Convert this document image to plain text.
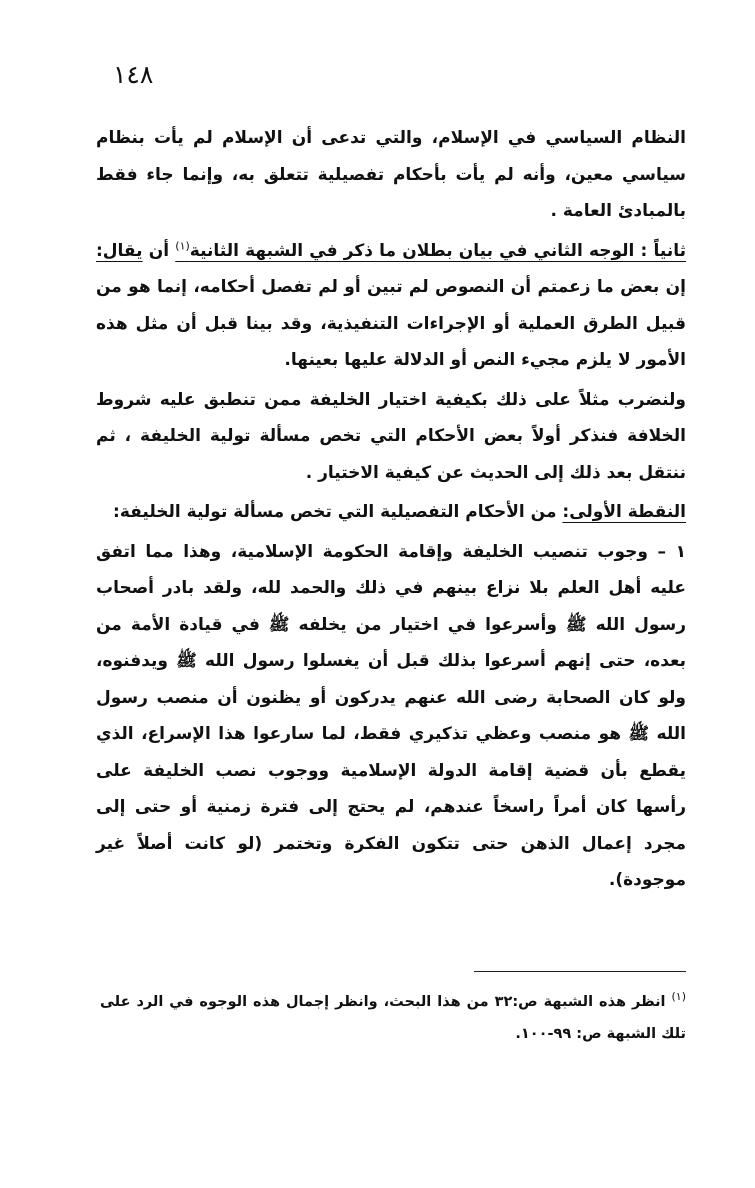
١٤٨

النظام السياسي في الإسلام، والتي تدعى أن الإسلام لم يأت بنظام سياسي معين، وأنه لم يأت بأحكام تفصيلية تتعلق به، وإنما جاء فقط بالمبادئ العامة .

ثانياً : الوجه الثاني في بيان بطلان ما ذكر في الشبهة الثانية$^{(١)}$ أن يقال: إن بعض ما زعمتم أن النصوص لم تبين أو لم تفصل أحكامه، إنما هو من قبيل الطرق العملية أو الإجراءات التنفيذية، وقد بينا قبل أن مثل هذه الأمور لا يلزم مجيء النص أو الدلالة عليها بعينها.

ولنضرب مثلاً على ذلك بكيفية اختيار الخليفة ممن تنطبق عليه شروط الخلافة فنذكر أولاً بعض الأحكام التي تخص مسألة تولية الخليفة ، ثم ننتقل بعد ذلك إلى الحديث عن كيفية الاختيار .

النقطة الأولى: من الأحكام التفصيلية التي تخص مسألة تولية الخليفة:

١ – وجوب تنصيب الخليفة وإقامة الحكومة الإسلامية، وهذا مما اتفق عليه أهل العلم بلا نزاع بينهم في ذلك والحمد لله، ولقد بادر أصحاب رسول الله ﷺ وأسرعوا في اختيار من يخلفه ﷺ في قيادة الأمة من بعده، حتى إنهم أسرعوا بذلك قبل أن يغسلوا رسول الله ﷺ ويدفنوه، ولو كان الصحابة رضى الله عنهم يدركون أو يظنون أن منصب رسول الله ﷺ هو منصب وعظي تذكيري فقط، لما سارعوا هذا الإسراع، الذي يقطع بأن قضية إقامة الدولة الإسلامية ووجوب نصب الخليفة على رأسها كان أمراً راسخاً عندهم، لم يحتج إلى فترة زمنية أو حتى إلى مجرد إعمال الذهن حتى تتكون الفكرة وتختمر (لو كانت أصلاً غير موجودة).

$^{(١)}$ انظر هذه الشبهة ص:٣٢ من هذا البحث، وانظر إجمال هذه الوجوه في الرد على تلك الشبهة ص: ٩٩-١٠٠.
